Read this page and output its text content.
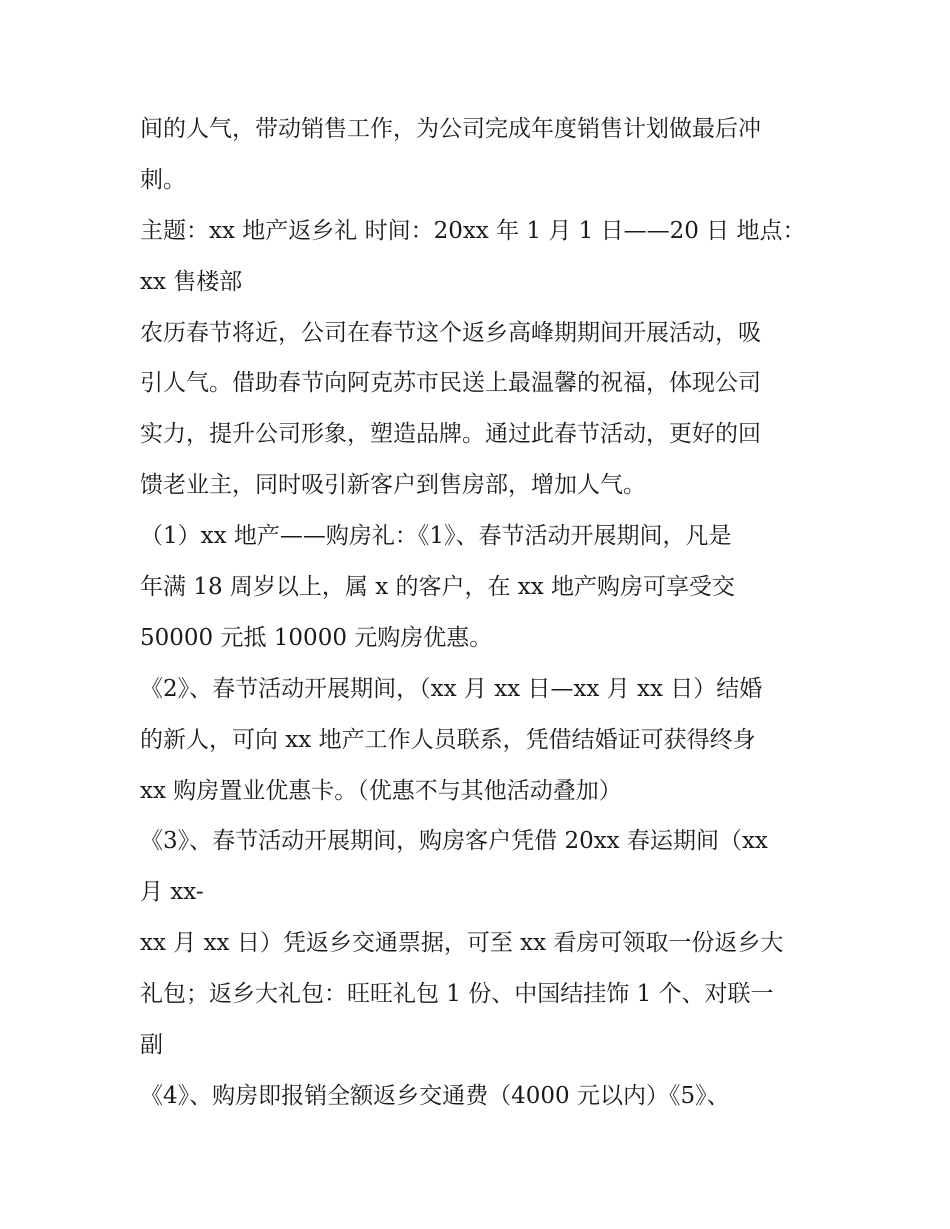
间的人气，带动销售工作，为公司完成年度销售计划做最后冲
刺。
主题：xx 地产返乡礼 时间：20xx 年 1 月 1 日——20 日 地点：
xx 售楼部
农历春节将近，公司在春节这个返乡高峰期期间开展活动，吸
引人气。借助春节向阿克苏市民送上最温馨的祝福，体现公司
实力，提升公司形象，塑造品牌。通过此春节活动，更好的回
馈老业主，同时吸引新客户到售房部，增加人气。
（1）xx 地产——购房礼：《1》、春节活动开展期间，凡是
年满 18 周岁以上，属 x 的客户，在 xx 地产购房可享受交
50000 元抵 10000 元购房优惠。
《2》、春节活动开展期间，（xx 月 xx 日—xx 月 xx 日）结婚
的新人，可向 xx 地产工作人员联系，凭借结婚证可获得终身
xx 购房置业优惠卡。（优惠不与其他活动叠加）
《3》、春节活动开展期间，购房客户凭借 20xx 春运期间（xx
月 xx-
xx 月 xx 日）凭返乡交通票据，可至 xx 看房可领取一份返乡大
礼包；返乡大礼包：旺旺礼包 1 份、中国结挂饰 1 个、对联一
副
《4》、购房即报销全额返乡交通费（4000 元以内）《5》、
